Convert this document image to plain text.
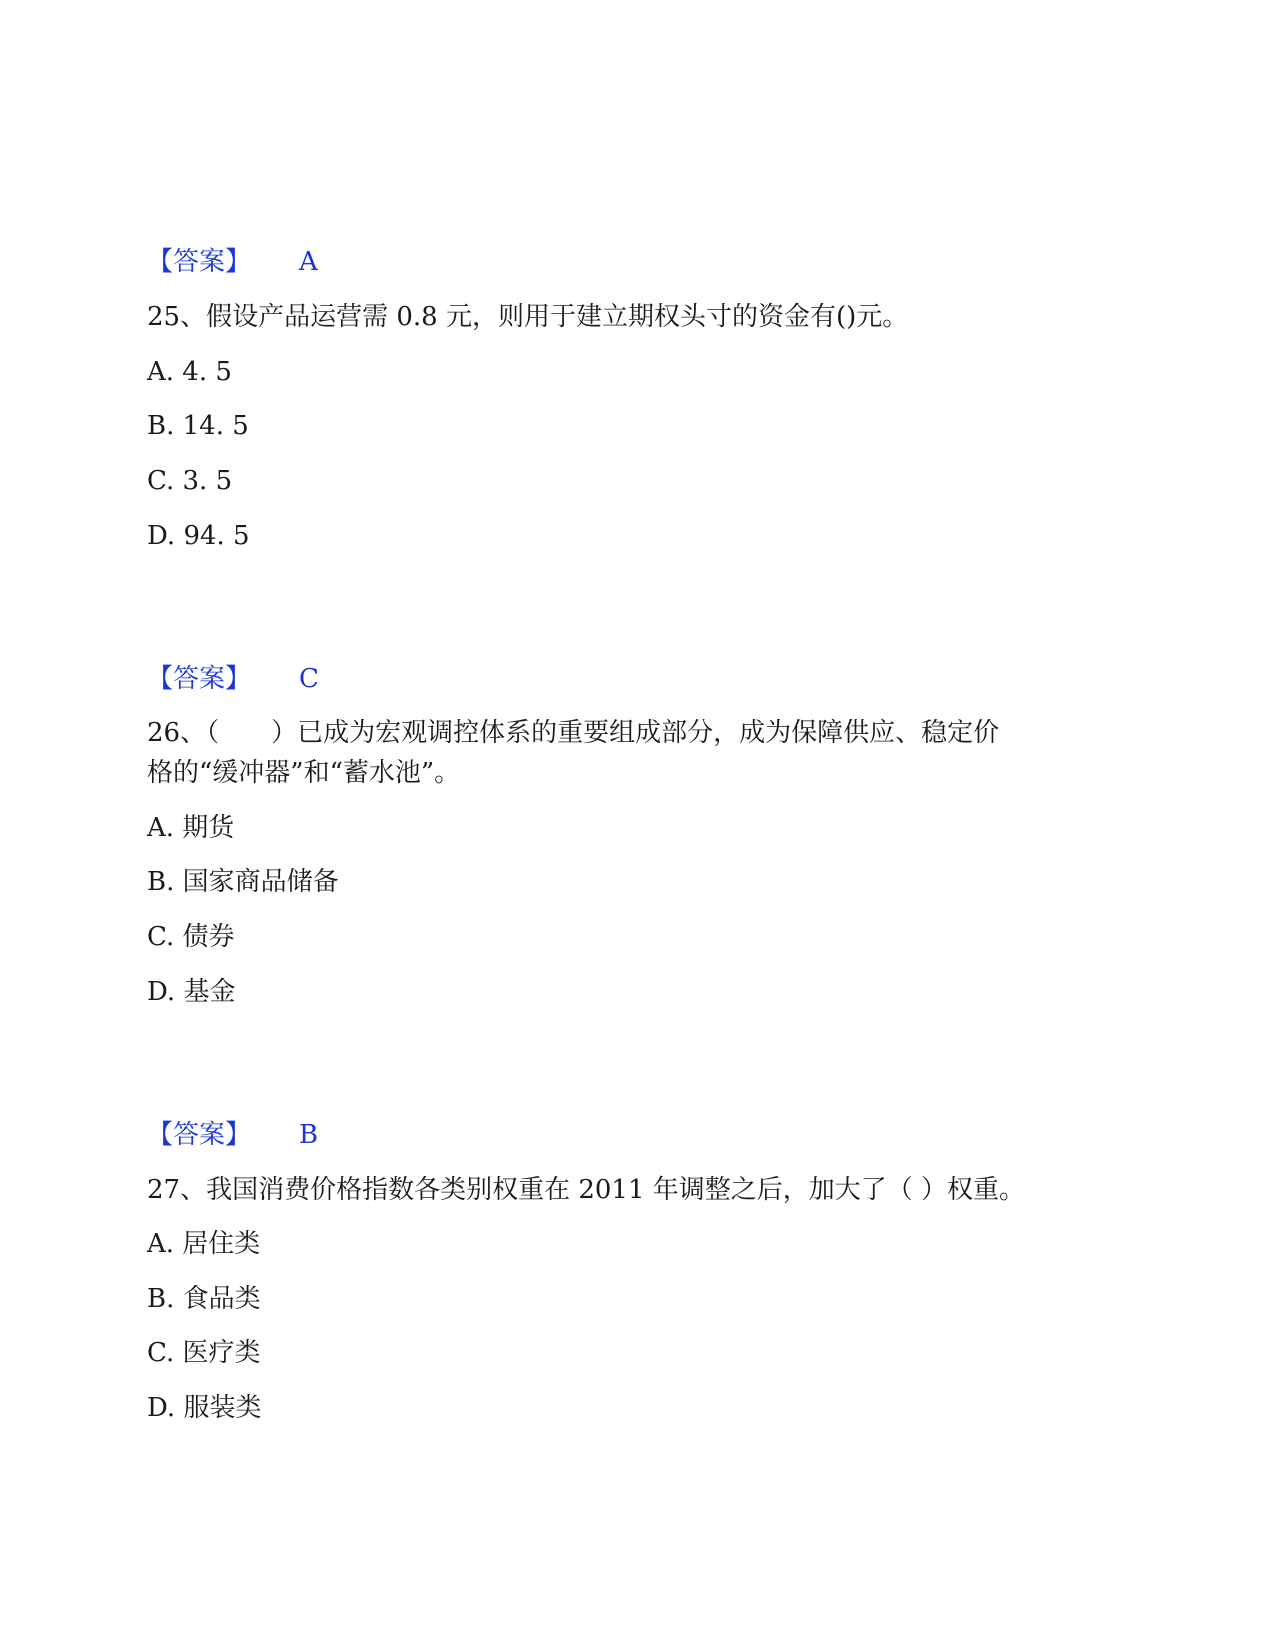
【答案】 A
25、假设产品运营需 0.8 元，则用于建立期权头寸的资金有()元。
A. 4. 5
B. 14. 5
C. 3. 5
D. 94. 5
【答案】 C
26、（　　）已成为宏观调控体系的重要组成部分，成为保障供应、稳定价
格的“缓冲器”和“蓄水池”。
A. 期货
B. 国家商品储备
C. 债券
D. 基金
【答案】 B
27、我国消费价格指数各类别权重在 2011 年调整之后，加大了（ ）权重。
A. 居住类
B. 食品类
C. 医疗类
D. 服装类
